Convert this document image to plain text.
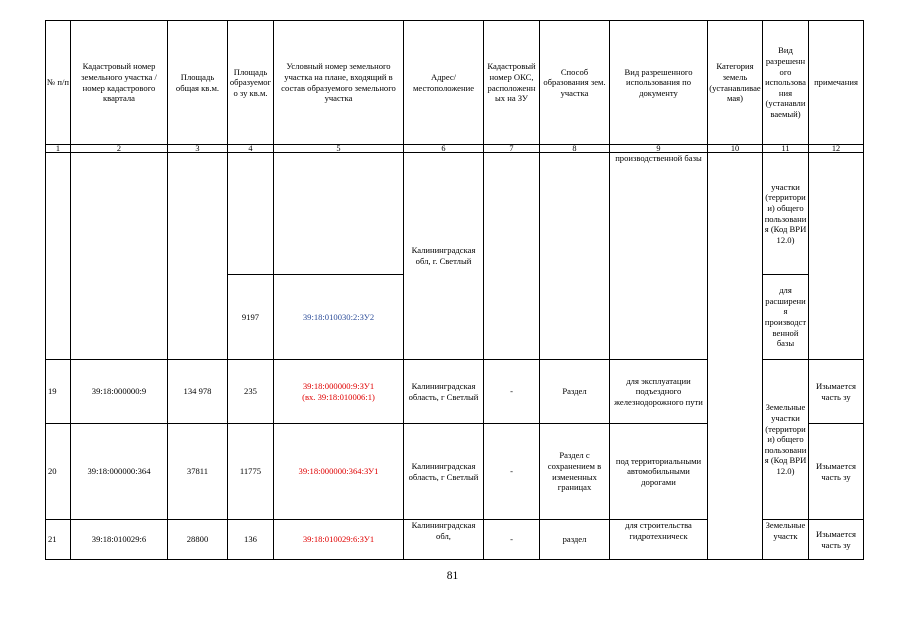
№ п/п	Кадастровый номер земельного участка /номер кадастрового квартала	Площадь общая кв.м.	Площадь образуемого зу кв.м.	Условный номер земельного участка на плане, входящий в состав образуемого земельного участка	Адрес/ местоположение	Кадастровый номер ОКС, расположенных на ЗУ	Способ образования зем. участка	Вид разрешенного использования по документу	Категория земель (устанавливаемая)	Вид разрешенного использования (устанавливаемый)	примечания
1	2	3	4	5	6	7	8	9	10	11	12
					Калининградская обл, г. Светлый			производственной базы		участки (территории) общего пользования (Код ВРИ 12.0)	
			9197	39:18:010030:2:ЗУ2						для расширения производственной базы	
19	39:18:000000:9	134 978	235	39:18:000000:9:ЗУ1
(вх. 39:18:010006:1)	Калининградская область, г Светлый	-	Раздел	для эксплуатации подъездного железнодорожного пути		Земельные участки (территории) общего пользования (Код ВРИ 12.0)	Изымается часть зу
20	39:18:000000:364	37811	11775	39:18:000000:364:ЗУ1	Калининградская область, г Светлый	-	Раздел с сохранением в измененных границах	под территориальными автомобильными дорогами			Изымается часть зу
21	39:18:010029:6	28800	136	39:18:010029:6:ЗУ1	Калининградская обл,	-	раздел	для строительства гидротехническ		Земельные участк	Изымается часть зу
81
